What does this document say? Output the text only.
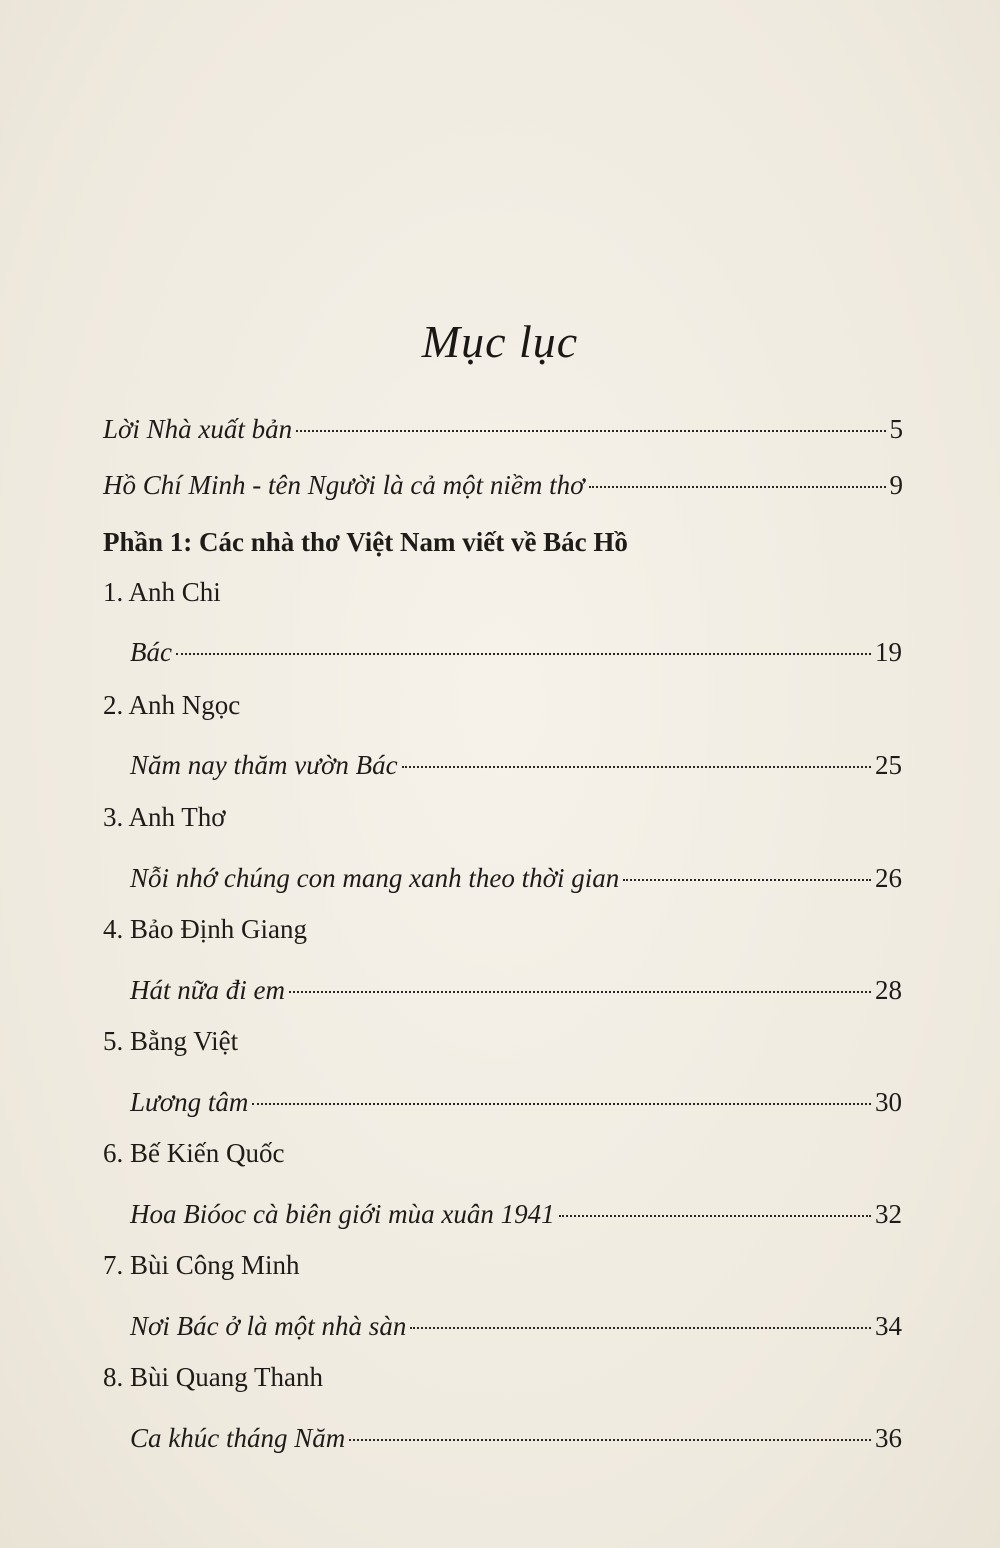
Mục lục
Lời Nhà xuất bản	5
Hồ Chí Minh - tên Người là cả một niềm thơ	9
Phần 1: Các nhà thơ Việt Nam viết về Bác Hồ
1. Anh Chi
Bác	19
2. Anh Ngọc
Năm nay thăm vườn Bác	25
3. Anh Thơ
Nỗi nhớ chúng con mang xanh theo thời gian	26
4. Bảo Định Giang
Hát nữa đi em	28
5. Bằng Việt
Lương tâm	30
6. Bế Kiến Quốc
Hoa Bióoc cà biên giới mùa xuân 1941	32
7. Bùi Công Minh
Nơi Bác ở là một nhà sàn	34
8. Bùi Quang Thanh
Ca khúc tháng Năm	36
